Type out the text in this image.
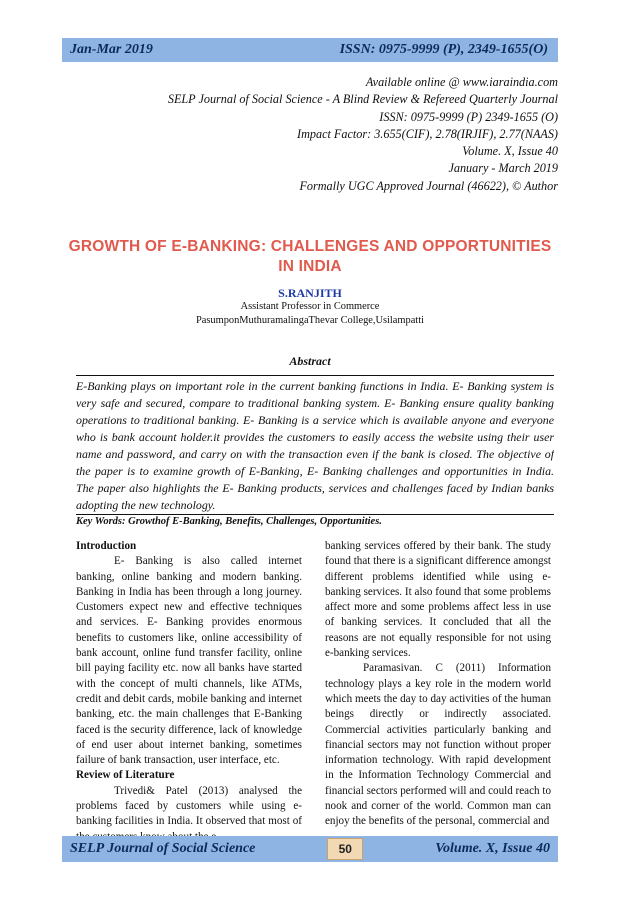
Jan-Mar 2019	ISSN: 0975-9999 (P), 2349-1655(O)
Available online @ www.iaraindia.com
SELP Journal of Social Science - A Blind Review & Refereed Quarterly Journal
ISSN: 0975-9999 (P) 2349-1655 (O)
Impact Factor: 3.655(CIF), 2.78(IRJIF), 2.77(NAAS)
Volume. X, Issue 40
January - March 2019
Formally UGC Approved Journal (46622), © Author
GROWTH OF E-BANKING: CHALLENGES AND OPPORTUNITIES
IN INDIA
S.RANJITH
Assistant Professor in Commerce
PasumponMuthuramalingaThevar College,Usilampatti
Abstract
E-Banking plays on important role in the current banking functions in India. E- Banking system is very safe and secured, compare to traditional banking system. E- Banking ensure quality banking operations to traditional banking. E- Banking is a service which is available anyone and everyone who is bank account holder.it provides the customers to easily access the website using their user name and password, and carry on with the transaction even if the bank is closed. The objective of the paper is to examine growth of E-Banking, E- Banking challenges and opportunities in India. The paper also highlights the E- Banking products, services and challenges faced by Indian banks adopting the new technology.
Key Words: Growthof E-Banking, Benefits, Challenges, Opportunities.

Introduction

E- Banking is also called internet banking, online banking and modern banking. Banking in India has been through a long journey. Customers expect new and effective techniques and services. E- Banking provides enormous benefits to customers like, online accessibility of bank account, online fund transfer facility, online bill paying facility etc. now all banks have started with the concept of multi channels, like ATMs, credit and debit cards, mobile banking and internet banking, etc. the main challenges that E-Banking faced is the security difference, lack of knowledge of end user about internet banking, sometimes failure of bank transaction, user interface, etc.

Review of Literature

Trivedi& Patel (2013) analysed the problems faced by customers while using e-banking facilities in India. It observed that most of

banking services offered by their bank. The study found that there is a significant difference amongst different problems identified while using e-banking services. It also found that some problems affect more and some problems affect less in use of banking services. It concluded that all the reasons are not equally responsible for not using e-banking services.

Paramasivan. C (2011) Information technology plays a key role in the modern world which meets the day to day activities of the human beings directly or indirectly associated. Commercial activities particularly banking and financial sectors may not function without proper information technology. With rapid development in the Information Technology Commercial and financial sectors performed will and could reach to nook and corner of the world. Common man can enjoy the benefits of the personal, commercial and

SELP Journal of Social Science	50	Volume. X, Issue 40
